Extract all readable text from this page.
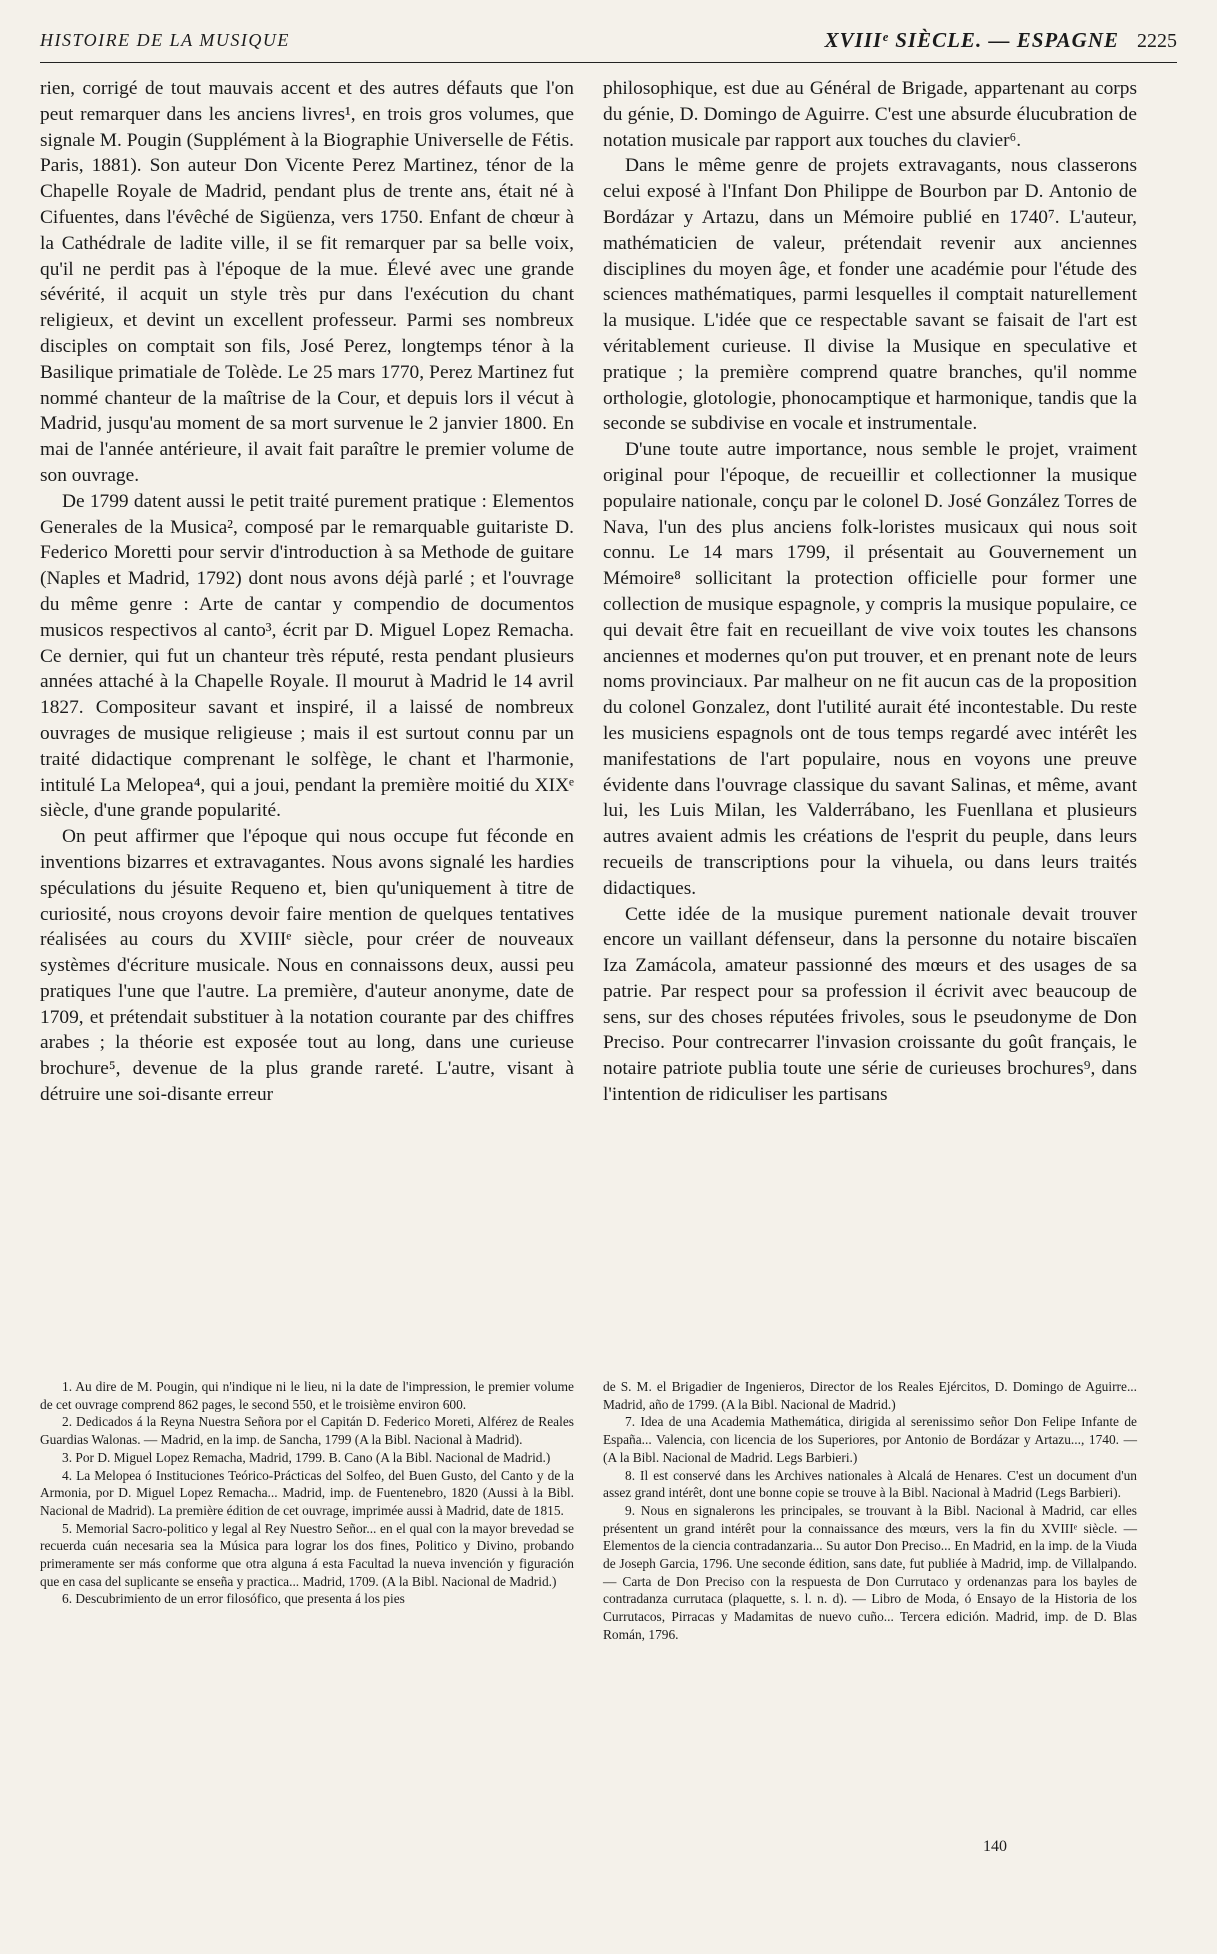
HISTOIRE DE LA MUSIQUE	XVIIIᵉ SIÈCLE. — ESPAGNE 2225

rien, corrigé de tout mauvais accent et des autres défauts que l'on peut remarquer dans les anciens livres¹, en trois gros volumes, que signale M. Pougin (Supplément à la Biographie Universelle de Fétis. Paris, 1881). Son auteur Don Vicente Perez Martinez, ténor de la Chapelle Royale de Madrid, pendant plus de trente ans, était né à Cifuentes, dans l'évêché de Sigüenza, vers 1750. Enfant de chœur à la Cathédrale de ladite ville, il se fit remarquer par sa belle voix, qu'il ne perdit pas à l'époque de la mue. Élevé avec une grande sévérité, il acquit un style très pur dans l'exécution du chant religieux, et devint un excellent professeur. Parmi ses nombreux disciples on comptait son fils, José Perez, longtemps ténor à la Basilique primatiale de Tolède. Le 25 mars 1770, Perez Martinez fut nommé chanteur de la maîtrise de la Cour, et depuis lors il vécut à Madrid, jusqu'au moment de sa mort survenue le 2 janvier 1800. En mai de l'année antérieure, il avait fait paraître le premier volume de son ouvrage.

De 1799 datent aussi le petit traité purement pratique : Elementos Generales de la Musica², composé par le remarquable guitariste D. Federico Moretti pour servir d'introduction à sa Methode de guitare (Naples et Madrid, 1792) dont nous avons déjà parlé ; et l'ouvrage du même genre : Arte de cantar y compendio de documentos musicos respectivos al canto³, écrit par D. Miguel Lopez Remacha. Ce dernier, qui fut un chanteur très réputé, resta pendant plusieurs années attaché à la Chapelle Royale. Il mourut à Madrid le 14 avril 1827. Compositeur savant et inspiré, il a laissé de nombreux ouvrages de musique religieuse ; mais il est surtout connu par un traité didactique comprenant le solfège, le chant et l'harmonie, intitulé La Melopea⁴, qui a joui, pendant la première moitié du XIXᵉ siècle, d'une grande popularité.

On peut affirmer que l'époque qui nous occupe fut féconde en inventions bizarres et extravagantes. Nous avons signalé les hardies spéculations du jésuite Requeno et, bien qu'uniquement à titre de curiosité, nous croyons devoir faire mention de quelques tentatives réalisées au cours du XVIIIᵉ siècle, pour créer de nouveaux systèmes d'écriture musicale. Nous en connaissons deux, aussi peu pratiques l'une que l'autre. La première, d'auteur anonyme, date de 1709, et prétendait substituer à la notation courante par des chiffres arabes ; la théorie est exposée tout au long, dans une curieuse brochure⁵, devenue de la plus grande rareté. L'autre, visant à détruire une soi-disante erreur

philosophique, est due au Général de Brigade, appartenant au corps du génie, D. Domingo de Aguirre. C'est une absurde élucubration de notation musicale par rapport aux touches du clavier⁶.

Dans le même genre de projets extravagants, nous classerons celui exposé à l'Infant Don Philippe de Bourbon par D. Antonio de Bordázar y Artazu, dans un Mémoire publié en 1740⁷. L'auteur, mathématicien de valeur, prétendait revenir aux anciennes disciplines du moyen âge, et fonder une académie pour l'étude des sciences mathématiques, parmi lesquelles il comptait naturellement la musique. L'idée que ce respectable savant se faisait de l'art est véritablement curieuse. Il divise la Musique en speculative et pratique ; la première comprend quatre branches, qu'il nomme orthologie, glotologie, phonocamptique et harmonique, tandis que la seconde se subdivise en vocale et instrumentale.

D'une toute autre importance, nous semble le projet, vraiment original pour l'époque, de recueillir et collectionner la musique populaire nationale, conçu par le colonel D. José González Torres de Nava, l'un des plus anciens folk-loristes musicaux qui nous soit connu. Le 14 mars 1799, il présentait au Gouvernement un Mémoire⁸ sollicitant la protection officielle pour former une collection de musique espagnole, y compris la musique populaire, ce qui devait être fait en recueillant de vive voix toutes les chansons anciennes et modernes qu'on put trouver, et en prenant note de leurs noms provinciaux. Par malheur on ne fit aucun cas de la proposition du colonel Gonzalez, dont l'utilité aurait été incontestable. Du reste les musiciens espagnols ont de tous temps regardé avec intérêt les manifestations de l'art populaire, nous en voyons une preuve évidente dans l'ouvrage classique du savant Salinas, et même, avant lui, les Luis Milan, les Valderrábano, les Fuenllana et plusieurs autres avaient admis les créations de l'esprit du peuple, dans leurs recueils de transcriptions pour la vihuela, ou dans leurs traités didactiques.

Cette idée de la musique purement nationale devait trouver encore un vaillant défenseur, dans la personne du notaire biscaïen Iza Zamácola, amateur passionné des mœurs et des usages de sa patrie. Par respect pour sa profession il écrivit avec beaucoup de sens, sur des choses réputées frivoles, sous le pseudonyme de Don Preciso. Pour contrecarrer l'invasion croissante du goût français, le notaire patriote publia toute une série de curieuses brochures⁹, dans l'intention de ridiculiser les partisans

1. Au dire de M. Pougin, qui n'indique ni le lieu, ni la date de l'impression, le premier volume de cet ouvrage comprend 862 pages, le second 550, et le troisième environ 600.

2. Dedicados á la Reyna Nuestra Señora por el Capitán D. Federico Moreti, Alférez de Reales Guardias Walonas. — Madrid, en la imp. de Sancha, 1799 (A la Bibl. Nacional à Madrid).

3. Por D. Miguel Lopez Remacha, Madrid, 1799. B. Cano (A la Bibl. Nacional de Madrid.)

4. La Melopea ó Instituciones Teórico-Prácticas del Solfeo, del Buen Gusto, del Canto y de la Armonia, por D. Miguel Lopez Remacha... Madrid, imp. de Fuentenebro, 1820 (Aussi à la Bibl. Nacional de Madrid). La première édition de cet ouvrage, imprimée aussi à Madrid, date de 1815.

5. Memorial Sacro-politico y legal al Rey Nuestro Señor... en el qual con la mayor brevedad se recuerda cuán necesaria sea la Música para lograr los dos fines, Politico y Divino, probando primeramente ser más conforme que otra alguna á esta Facultad la nueva invención y figuración que en casa del suplicante se enseña y practica... Madrid, 1709. (A la Bibl. Nacional de Madrid.)

6. Descubrimiento de un error filosófico, que presenta á los pies

de S. M. el Brigadier de Ingenieros, Director de los Reales Ejércitos, D. Domingo de Aguirre... Madrid, año de 1799. (A la Bibl. Nacional de Madrid.)

7. Idea de una Academia Mathemática, dirigida al serenissimo señor Don Felipe Infante de España... Valencia, con licencia de los Superiores, por Antonio de Bordázar y Artazu..., 1740. — (A la Bibl. Nacional de Madrid. Legs Barbieri.)

8. Il est conservé dans les Archives nationales à Alcalá de Henares. C'est un document d'un assez grand intérêt, dont une bonne copie se trouve à la Bibl. Nacional à Madrid (Legs Barbieri).

9. Nous en signalerons les principales, se trouvant à la Bibl. Nacional à Madrid, car elles présentent un grand intérêt pour la connaissance des mœurs, vers la fin du XVIIIᵉ siècle. — Elementos de la ciencia contradanzaria... Su autor Don Preciso... En Madrid, en la imp. de la Viuda de Joseph Garcia, 1796. Une seconde édition, sans date, fut publiée à Madrid, imp. de Villalpando. — Carta de Don Preciso con la respuesta de Don Currutaco y ordenanzas para los bayles de contradanza currutaca (plaquette, s. l. n. d). — Libro de Moda, ó Ensayo de la Historia de los Currutacos, Pirracas y Madamitas de nuevo cuño... Tercera edición. Madrid, imp. de D. Blas Román, 1796.

140
